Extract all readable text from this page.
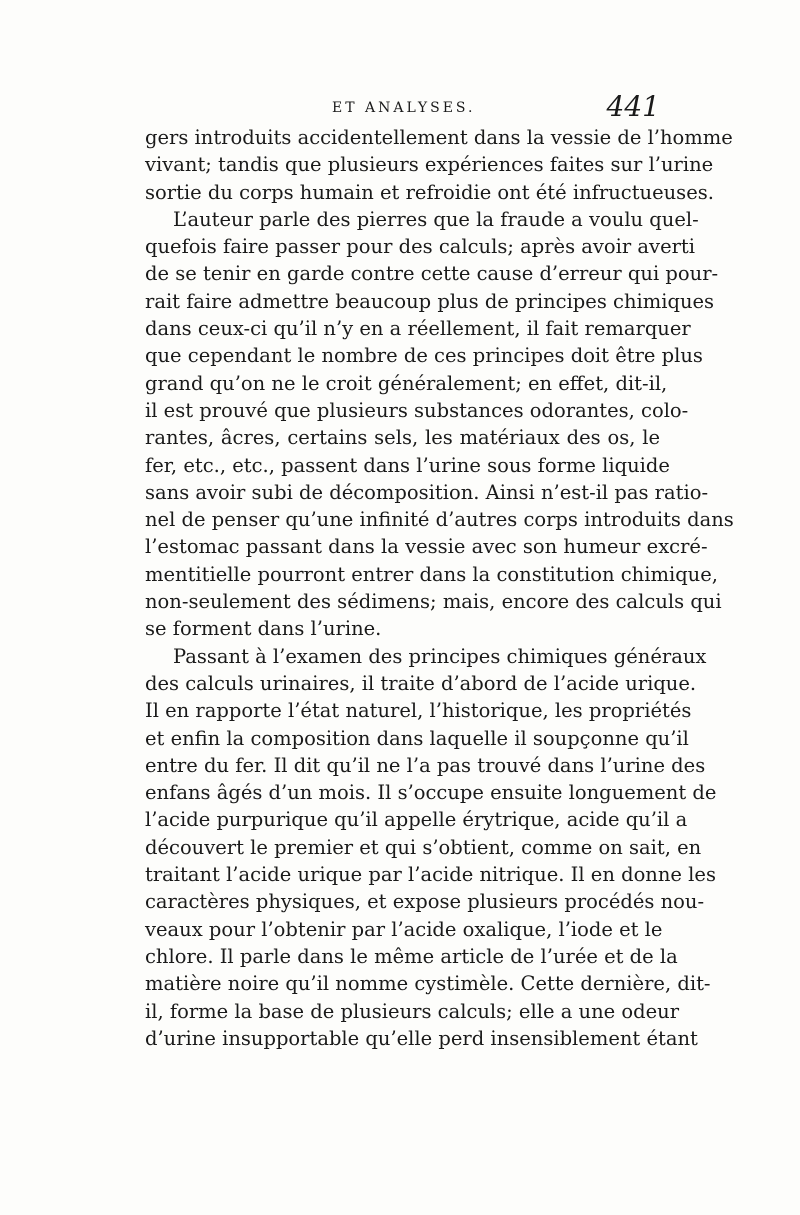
ET ANALYSES.	441
gers introduits accidentellement dans la vessie de l’homme
vivant; tandis que plusieurs expériences faites sur l’urine
sortie du corps humain et refroidie ont été infructueuses.
L’auteur parle des pierres que la fraude a voulu quel-
quefois faire passer pour des calculs; après avoir averti
de se tenir en garde contre cette cause d’erreur qui pour-
rait faire admettre beaucoup plus de principes chimiques
dans ceux-ci qu’il n’y en a réellement, il fait remarquer
que cependant le nombre de ces principes doit être plus
grand qu’on ne le croit généralement; en effet, dit-il,
il est prouvé que plusieurs substances odorantes, colo-
rantes, âcres, certains sels, les matériaux des os, le
fer, etc., etc., passent dans l’urine sous forme liquide
sans avoir subi de décomposition. Ainsi n’est-il pas ratio-
nel de penser qu’une infinité d’autres corps introduits dans
l’estomac passant dans la vessie avec son humeur excré-
mentitielle pourront entrer dans la constitution chimique,
non-seulement des sédimens; mais, encore des calculs qui
se forment dans l’urine.
Passant à l’examen des principes chimiques généraux
des calculs urinaires, il traite d’abord de l’acide urique.
Il en rapporte l’état naturel, l’historique, les propriétés
et enfin la composition dans laquelle il soupçonne qu’il
entre du fer. Il dit qu’il ne l’a pas trouvé dans l’urine des
enfans âgés d’un mois. Il s’occupe ensuite longuement de
l’acide purpurique qu’il appelle érytrique, acide qu’il a
découvert le premier et qui s’obtient, comme on sait, en
traitant l’acide urique par l’acide nitrique. Il en donne les
caractères physiques, et expose plusieurs procédés nou-
veaux pour l’obtenir par l’acide oxalique, l’iode et le
chlore. Il parle dans le même article de l’urée et de la
matière noire qu’il nomme cystimèle. Cette dernière, dit-
il, forme la base de plusieurs calculs; elle a une odeur
d’urine insupportable qu’elle perd insensiblement étant
